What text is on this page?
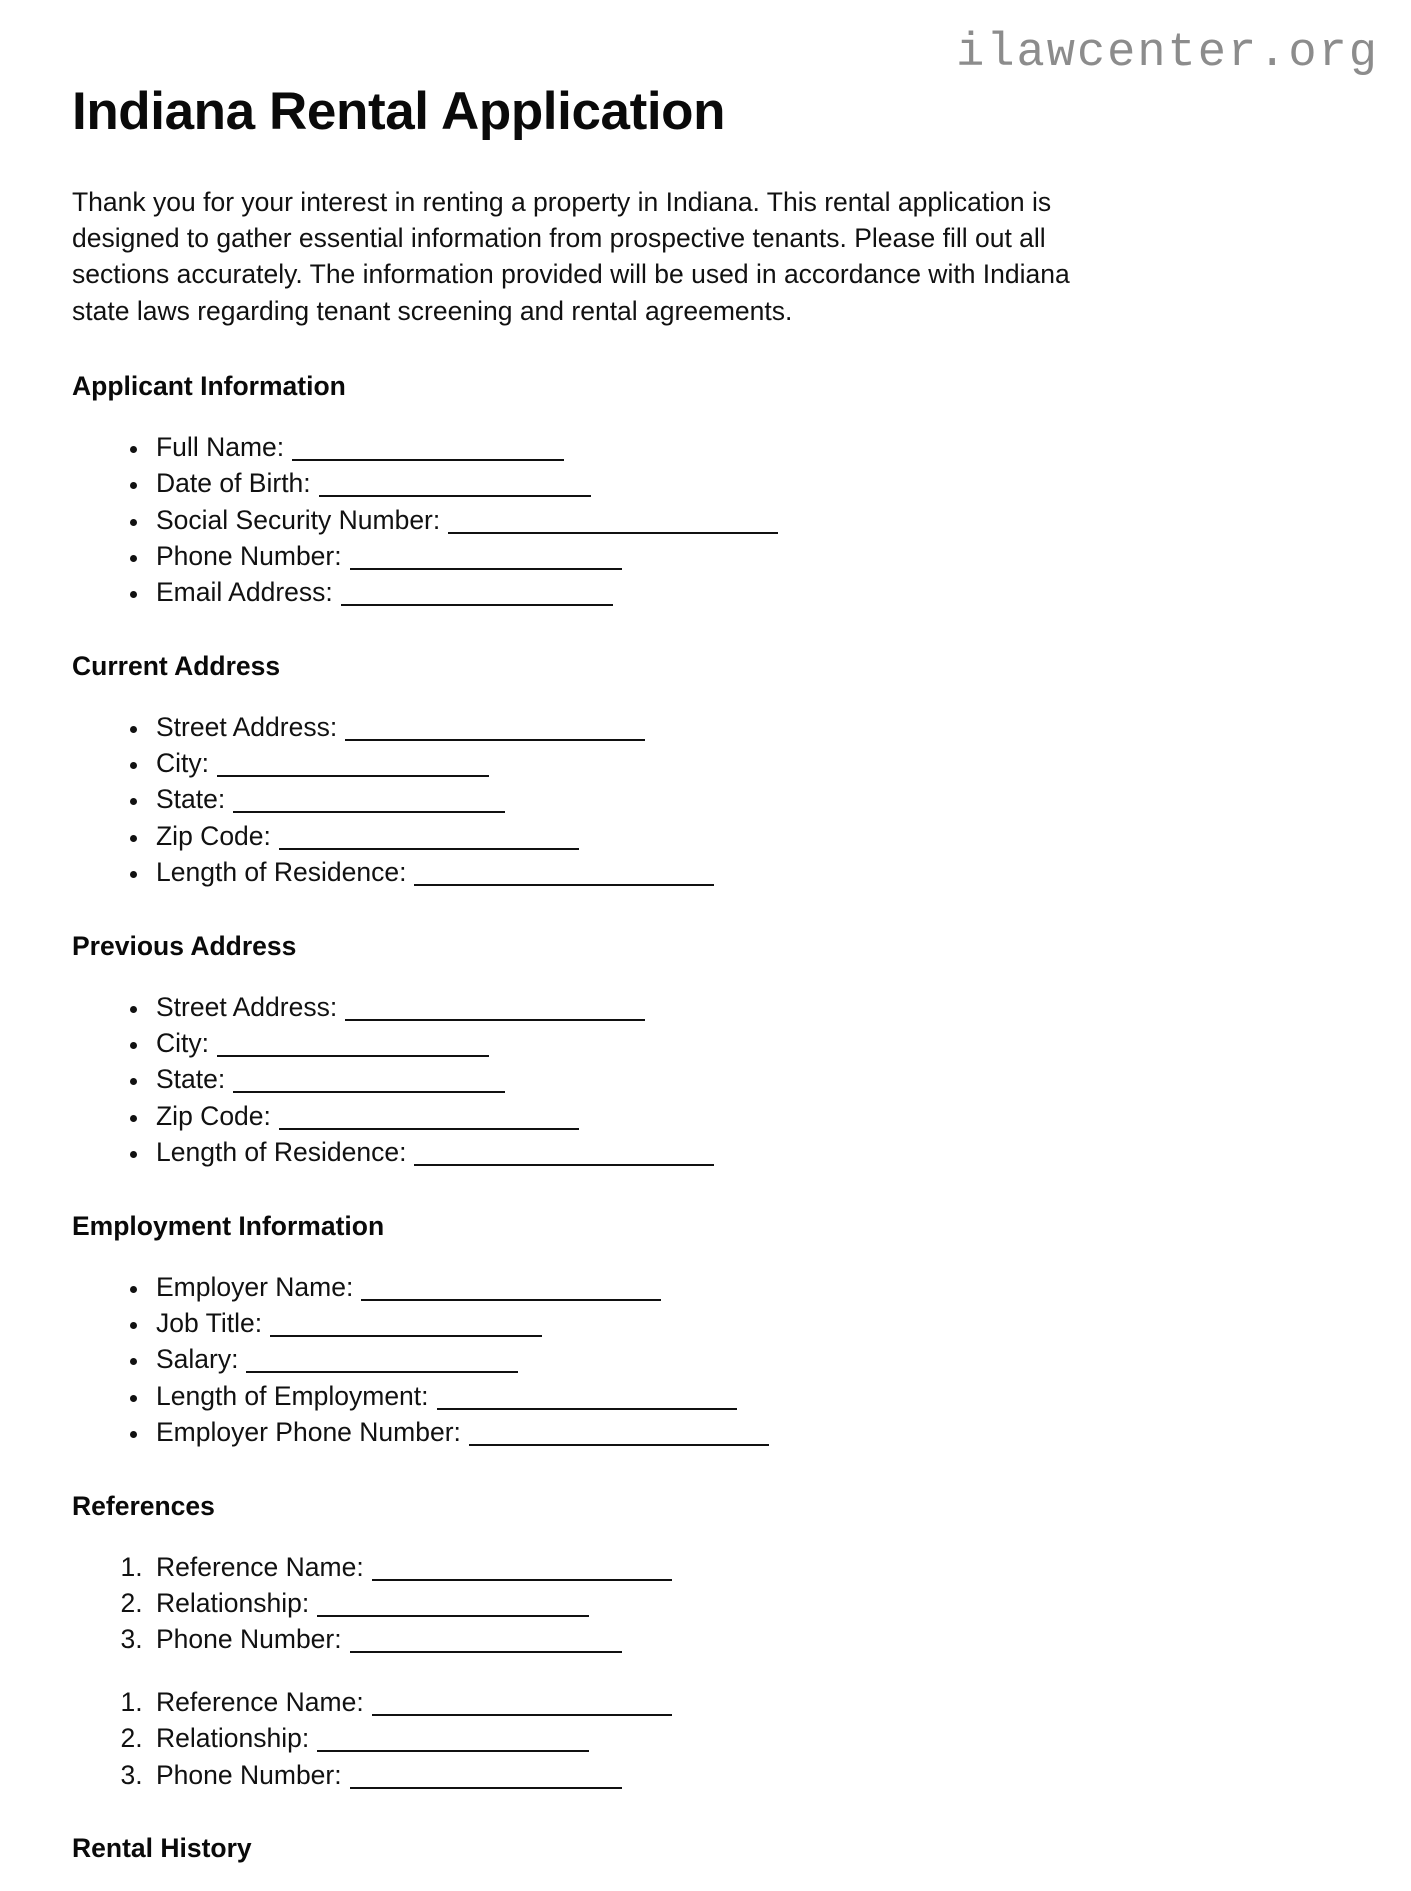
ilawcenter.org
Indiana Rental Application

Thank you for your interest in renting a property in Indiana. This rental application is designed to gather essential information from prospective tenants. Please fill out all sections accurately. The information provided will be used in accordance with Indiana state laws regarding tenant screening and rental agreements.

Applicant Information
• Full Name:
• Date of Birth:
• Social Security Number:
• Phone Number:
• Email Address:
Current Address
• Street Address:
• City:
• State:
• Zip Code:
• Length of Residence:
Previous Address
• Street Address:
• City:
• State:
• Zip Code:
• Length of Residence:
Employment Information
• Employer Name:
• Job Title:
• Salary:
• Length of Employment:
• Employer Phone Number:
References
1. Reference Name:
2. Relationship:
3. Phone Number:
1. Reference Name:
2. Relationship:
3. Phone Number:
Rental History
